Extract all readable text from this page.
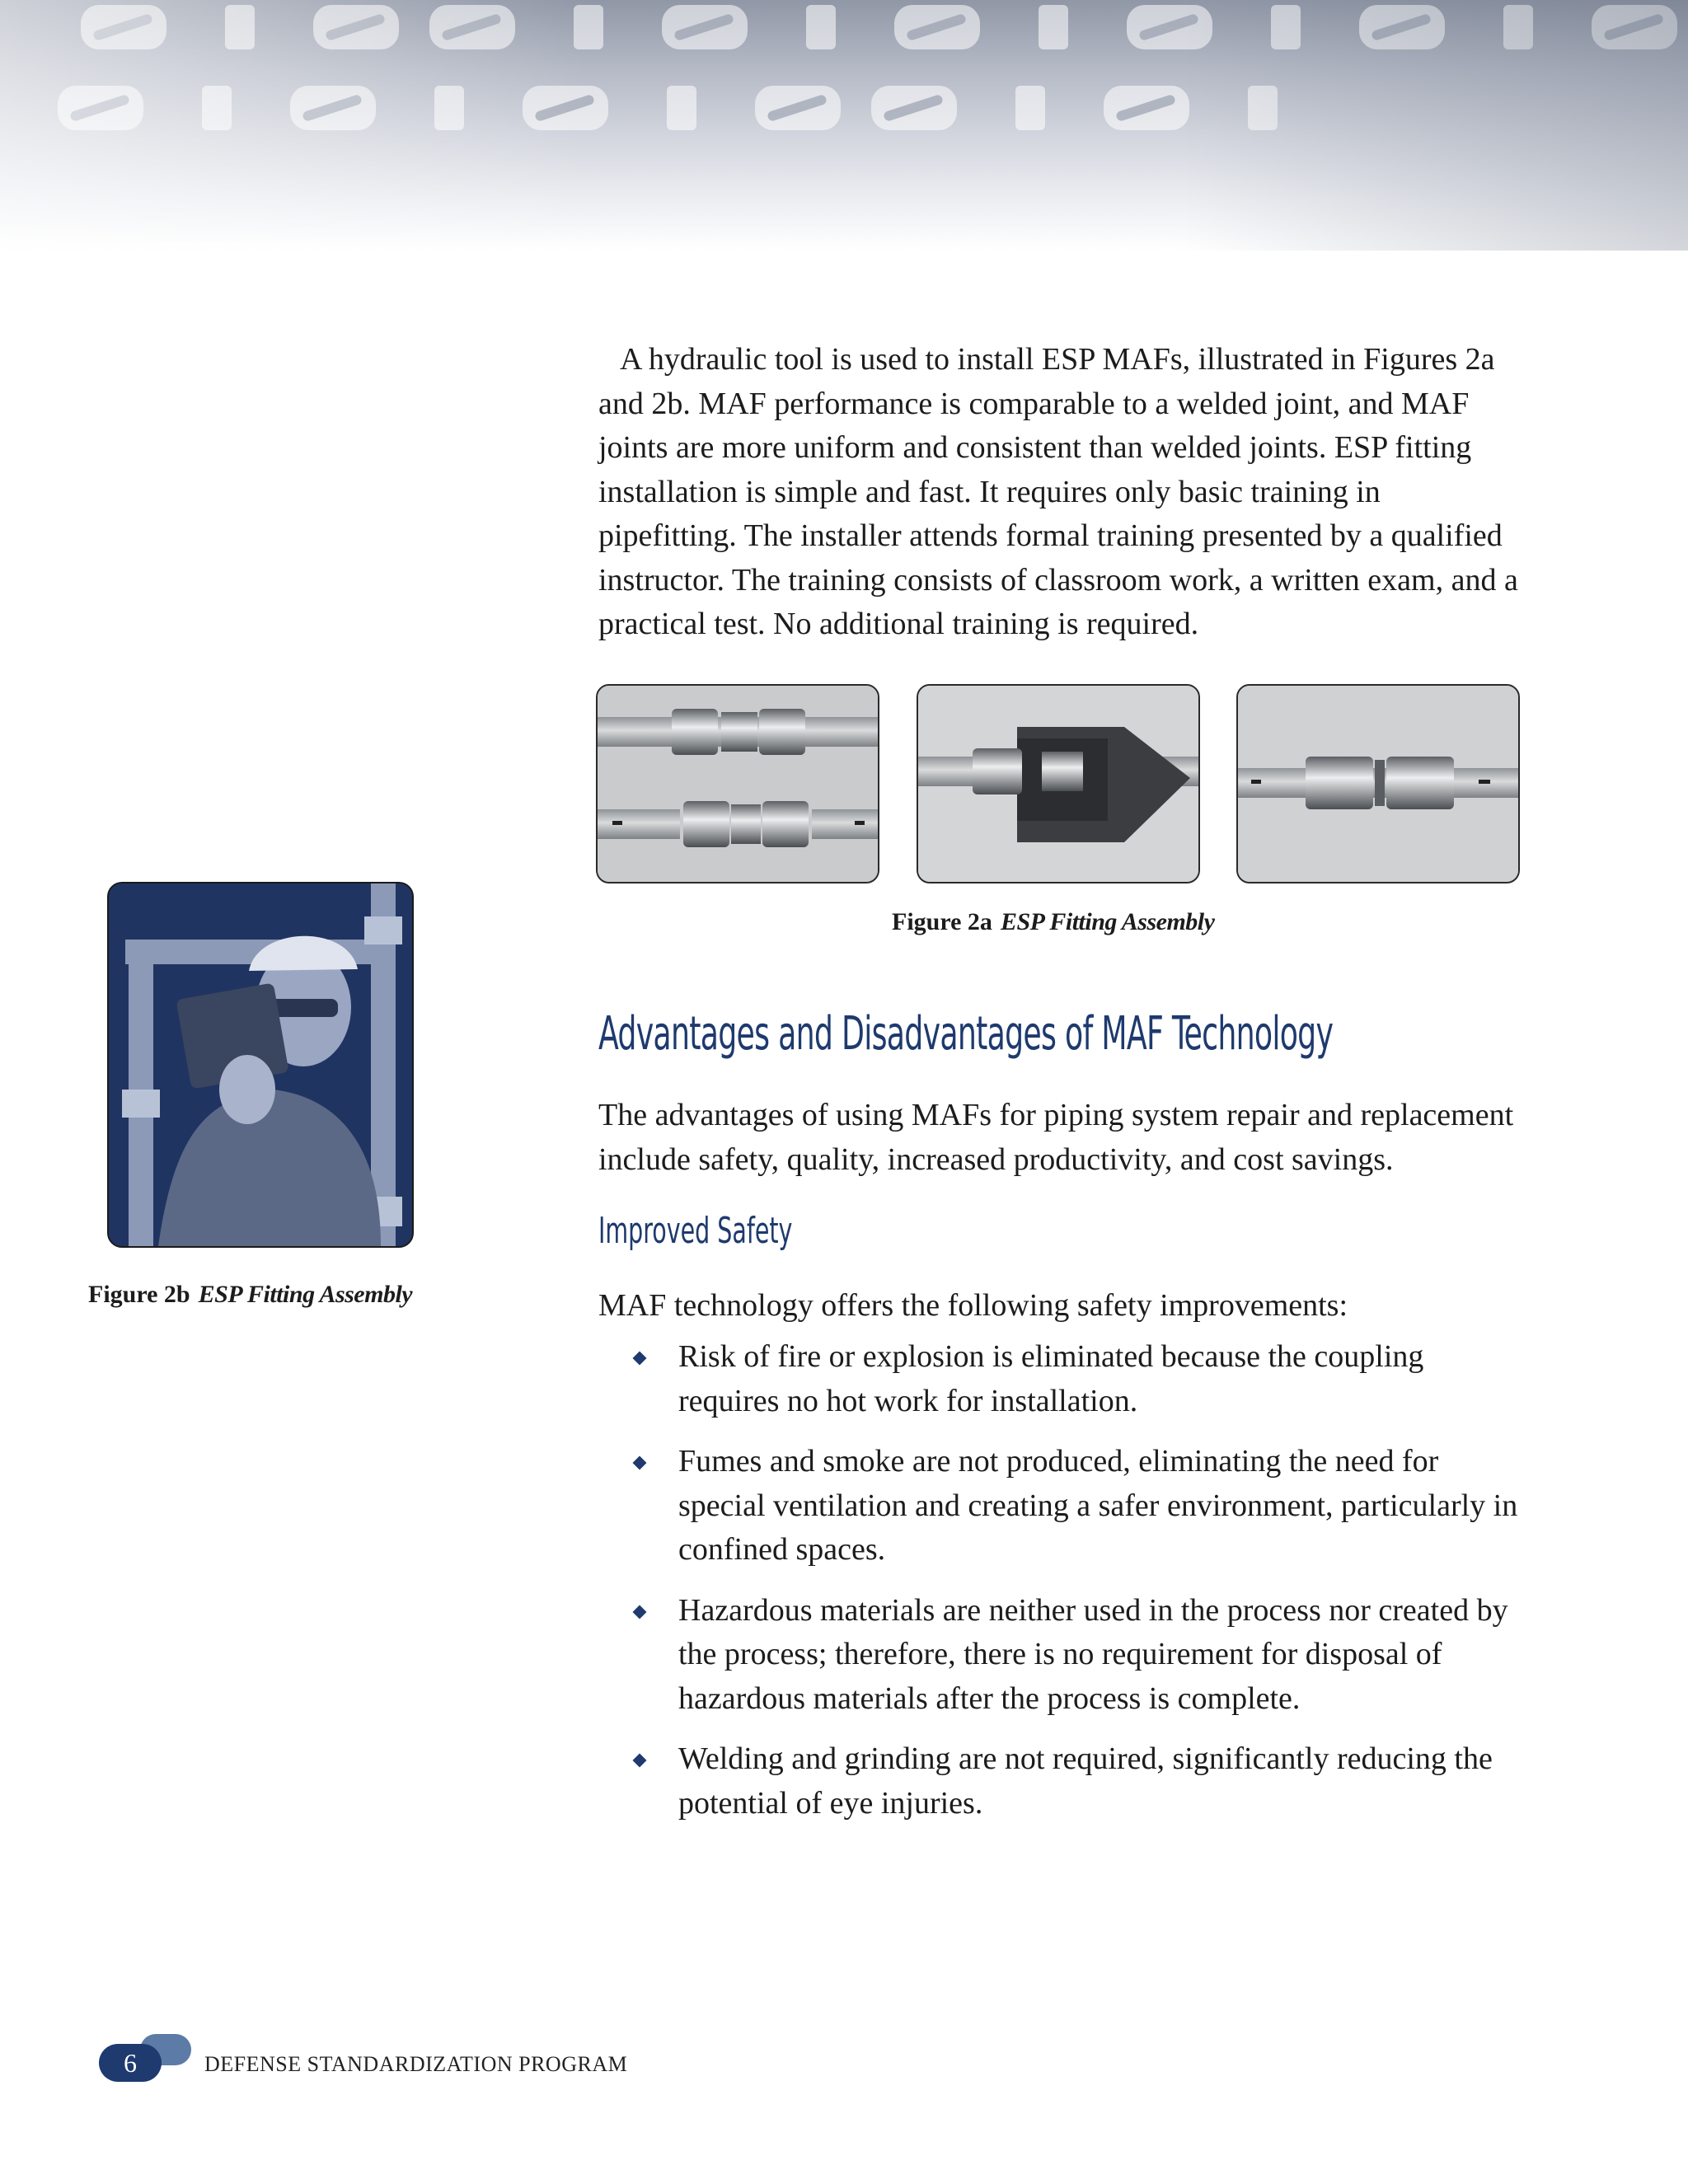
A hydraulic tool is used to install ESP MAFs, illustrated in Figures 2a and 2b. MAF performance is comparable to a welded joint, and MAF joints are more uniform and consistent than welded joints. ESP fitting installation is simple and fast. It requires only basic training in pipefitting. The installer attends formal training presented by a qualified instructor. The training consists of classroom work, a written exam, and a practical test. No additional training is required.

Figure 2a ESP Fitting Assembly
Figure 2b ESP Fitting Assembly
Advantages and Disadvantages of MAF Technology

The advantages of using MAFs for piping system repair and replacement include safety, quality, increased productivity, and cost savings.

Improved Safety

MAF technology offers the following safety improvements:

Risk of fire or explosion is eliminated because the coupling requires no hot work for installation.
Fumes and smoke are not produced, eliminating the need for special ventilation and creating a safer environment, particularly in confined spaces.
Hazardous materials are neither used in the process nor created by the process; therefore, there is no requirement for disposal of hazardous materials after the process is complete.
Welding and grinding are not required, significantly reducing the potential of eye injuries.
6	DEFENSE STANDARDIZATION PROGRAM
